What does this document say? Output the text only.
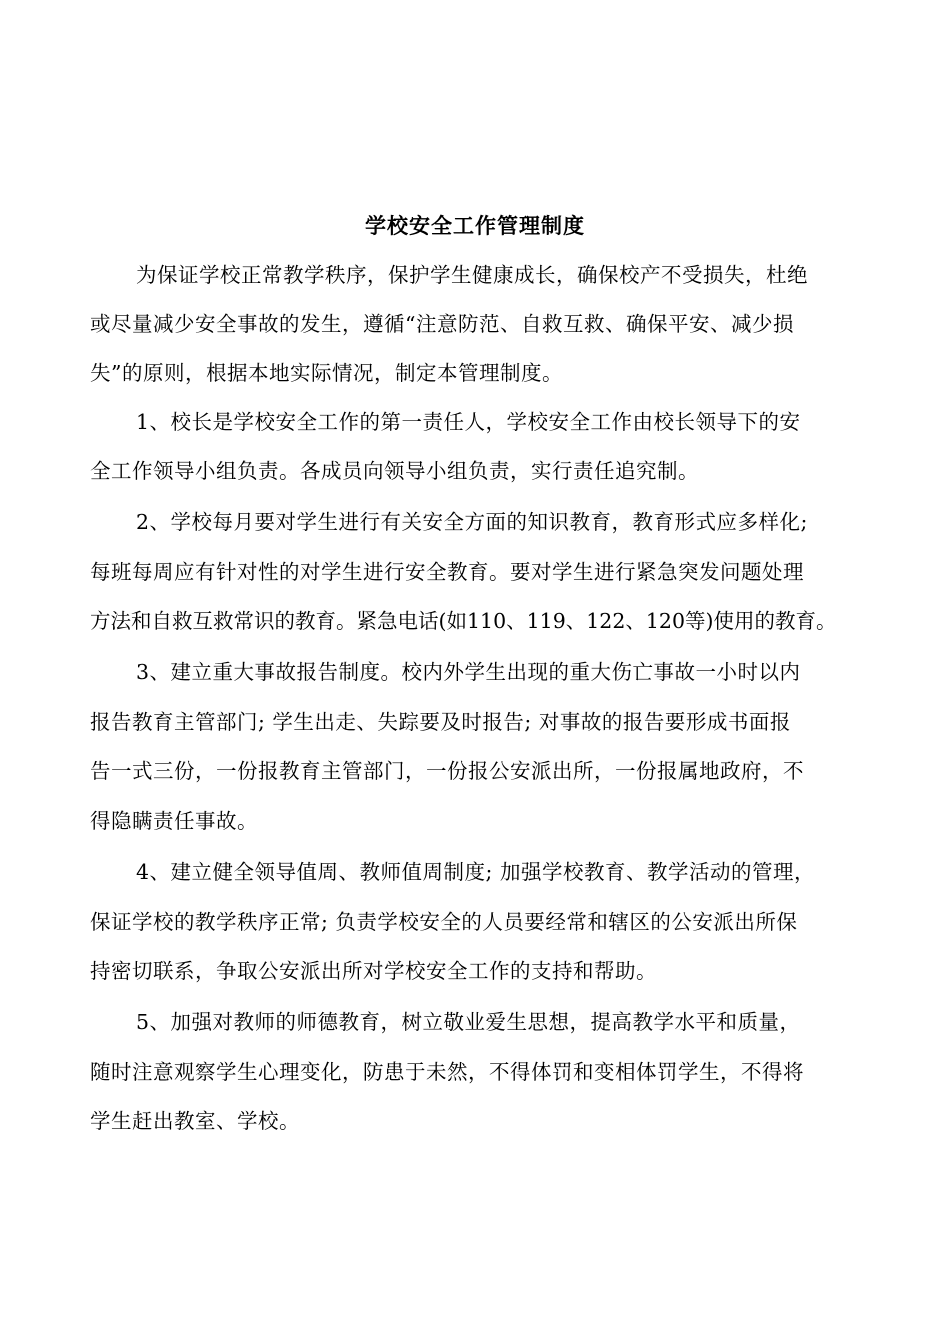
学校安全工作管理制度
为保证学校正常教学秩序，保护学生健康成长，确保校产不受损失，杜绝
或尽量减少安全事故的发生，遵循“注意防范、自救互救、确保平安、减少损
失”的原则，根据本地实际情况，制定本管理制度。
1、校长是学校安全工作的第一责任人，学校安全工作由校长领导下的安
全工作领导小组负责。各成员向领导小组负责，实行责任追究制。
2、学校每月要对学生进行有关安全方面的知识教育，教育形式应多样化;
每班每周应有针对性的对学生进行安全教育。要对学生进行紧急突发问题处理
方法和自救互救常识的教育。紧急电话(如110、119、122、120等)使用的教育。
3、建立重大事故报告制度。校内外学生出现的重大伤亡事故一小时以内
报告教育主管部门; 学生出走、失踪要及时报告; 对事故的报告要形成书面报
告一式三份，一份报教育主管部门，一份报公安派出所，一份报属地政府，不
得隐瞒责任事故。
4、建立健全领导值周、教师值周制度; 加强学校教育、教学活动的管理，
保证学校的教学秩序正常; 负责学校安全的人员要经常和辖区的公安派出所保
持密切联系，争取公安派出所对学校安全工作的支持和帮助。
5、加强对教师的师德教育，树立敬业爱生思想，提高教学水平和质量，
随时注意观察学生心理变化，防患于未然，不得体罚和变相体罚学生，不得将
学生赶出教室、学校。
